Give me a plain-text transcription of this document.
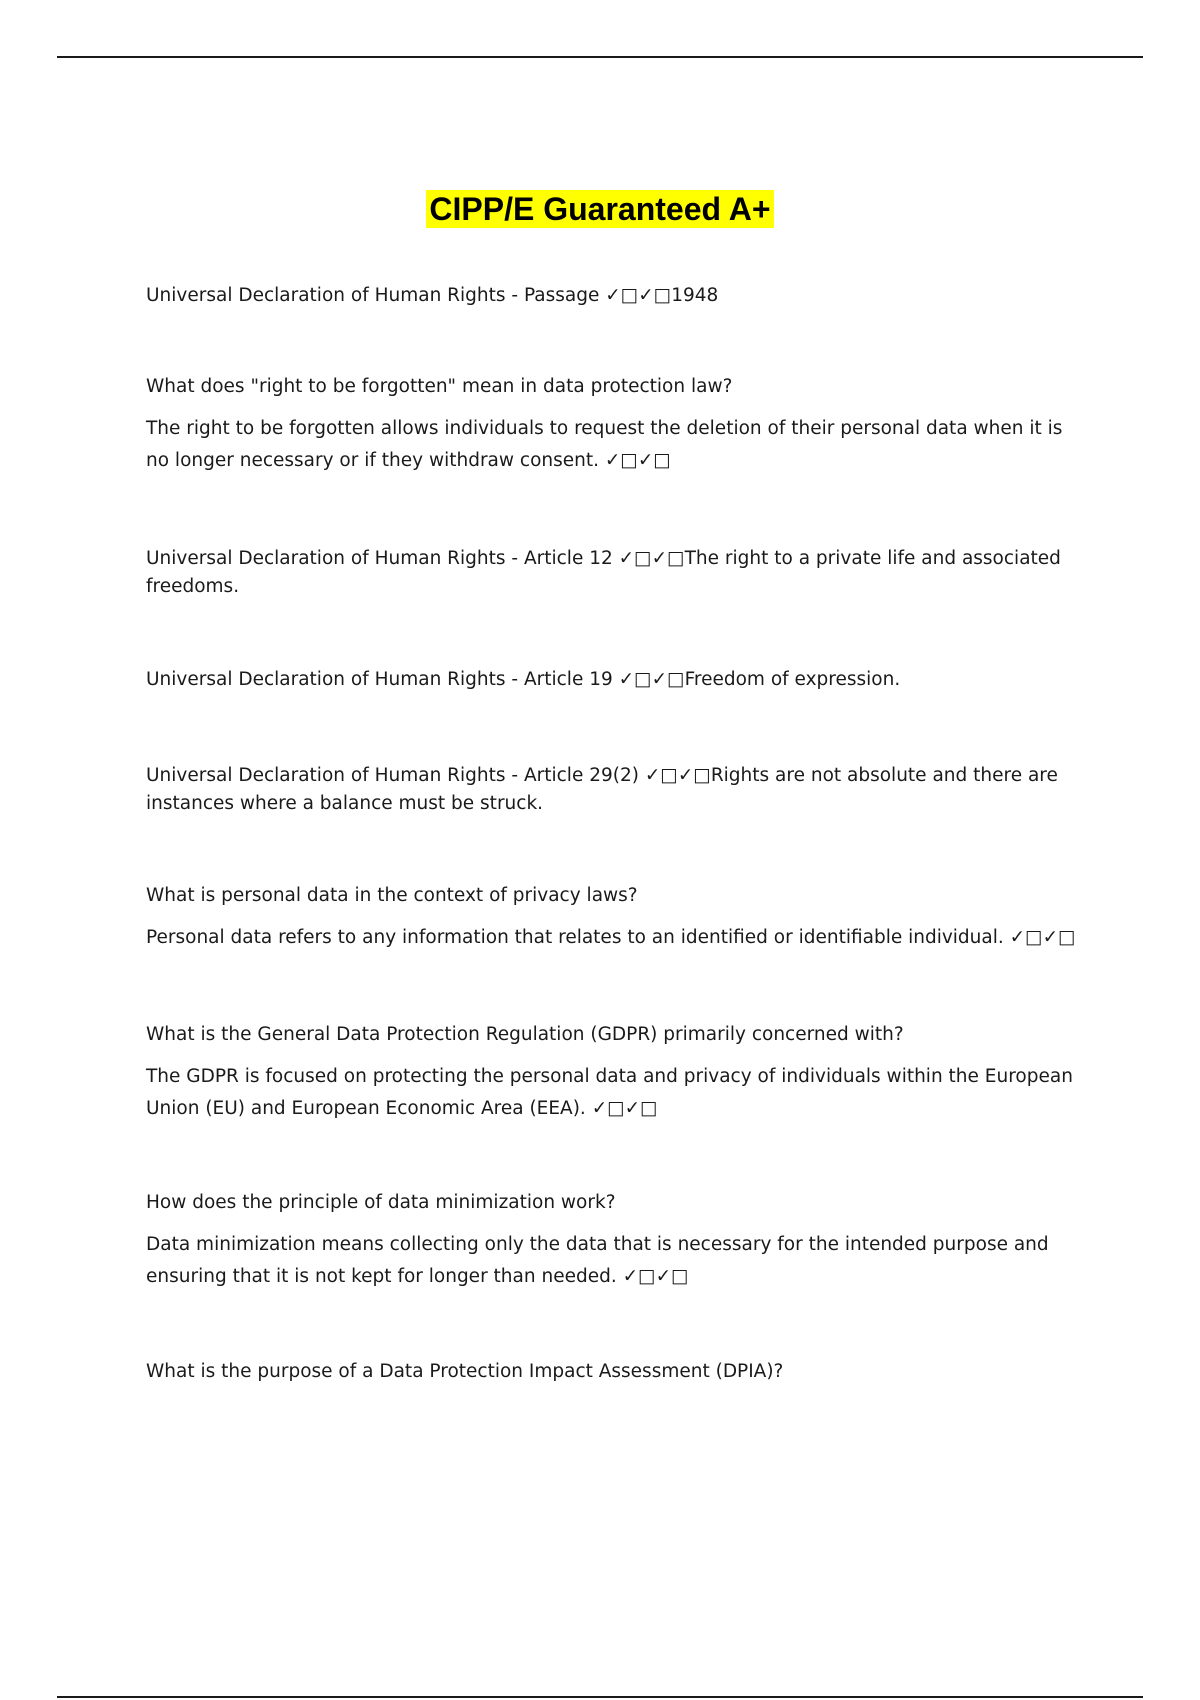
CIPP/E Guaranteed A+

Universal Declaration of Human Rights - Passage ✓□✓□1948

What does "right to be forgotten" mean in data protection law?

The right to be forgotten allows individuals to request the deletion of their personal data when it is no longer necessary or if they withdraw consent. ✓□✓□

Universal Declaration of Human Rights - Article 12 ✓□✓□The right to a private life and associated freedoms.

Universal Declaration of Human Rights - Article 19 ✓□✓□Freedom of expression.

Universal Declaration of Human Rights - Article 29(2) ✓□✓□Rights are not absolute and there are instances where a balance must be struck.

What is personal data in the context of privacy laws?

Personal data refers to any information that relates to an identified or identifiable individual. ✓□✓□

What is the General Data Protection Regulation (GDPR) primarily concerned with?

The GDPR is focused on protecting the personal data and privacy of individuals within the European Union (EU) and European Economic Area (EEA). ✓□✓□

How does the principle of data minimization work?

Data minimization means collecting only the data that is necessary for the intended purpose and ensuring that it is not kept for longer than needed. ✓□✓□

What is the purpose of a Data Protection Impact Assessment (DPIA)?
